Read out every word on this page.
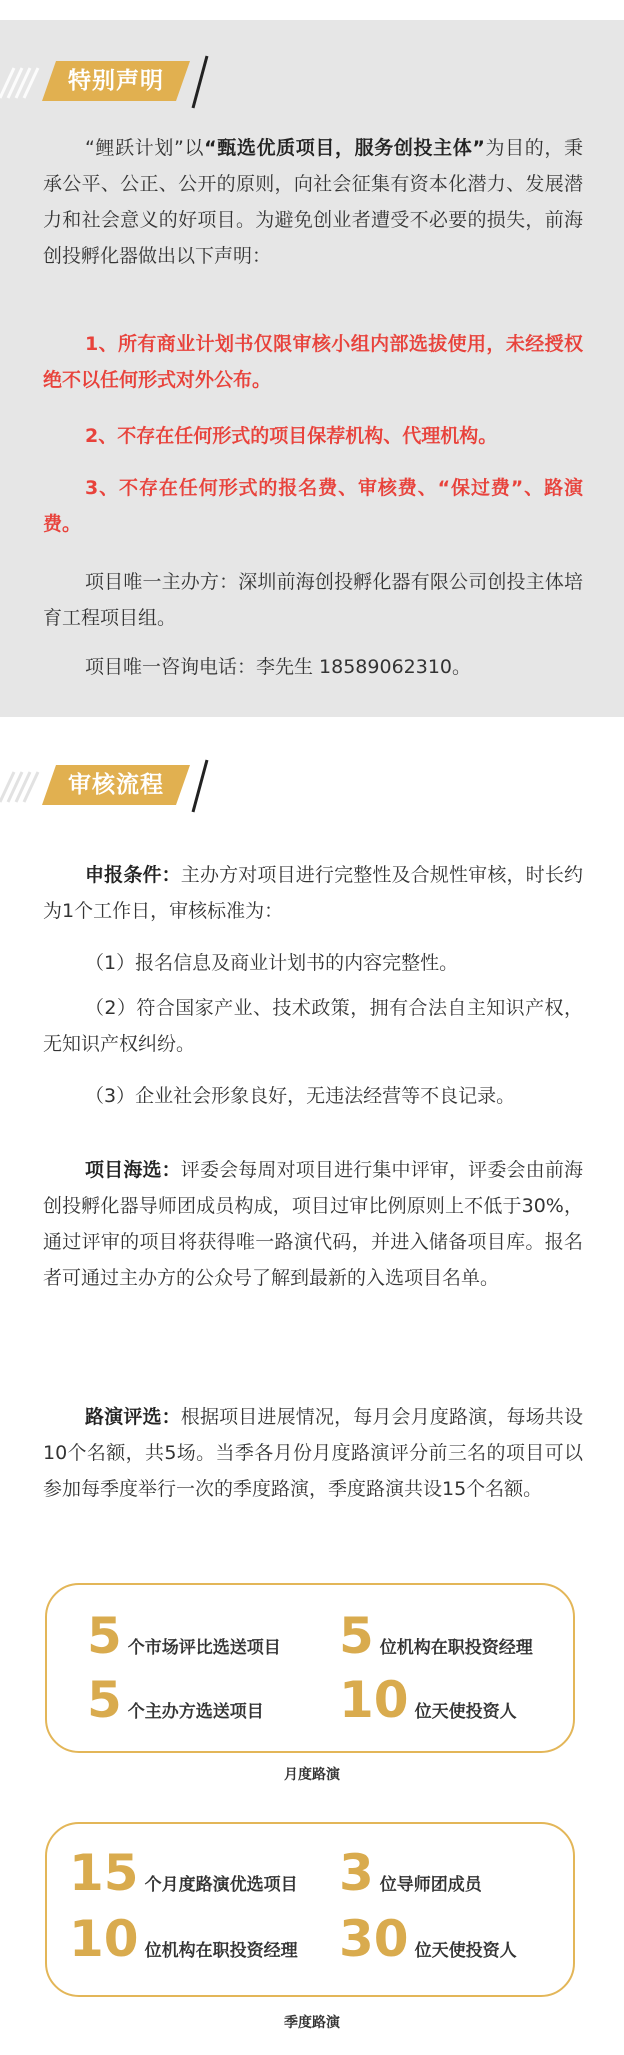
特别声明

“鲤跃计划”以“甄选优质项目，服务创投主体”为目的，秉承公平、公正、公开的原则，向社会征集有资本化潜力、发展潜力和社会意义的好项目。为避免创业者遭受不必要的损失，前海创投孵化器做出以下声明：

1、所有商业计划书仅限审核小组内部选拔使用，未经授权绝不以任何形式对外公布。

2、不存在任何形式的项目保荐机构、代理机构。

3、不存在任何形式的报名费、审核费、“保过费”、路演费。

项目唯一主办方：深圳前海创投孵化器有限公司创投主体培育工程项目组。

项目唯一咨询电话：李先生 18589062310。

审核流程

申报条件：主办方对项目进行完整性及合规性审核，时长约为1个工作日，审核标准为：

（1）报名信息及商业计划书的内容完整性。

（2）符合国家产业、技术政策，拥有合法自主知识产权，无知识产权纠纷。

（3）企业社会形象良好，无违法经营等不良记录。

项目海选：评委会每周对项目进行集中评审，评委会由前海创投孵化器导师团成员构成，项目过审比例原则上不低于30%，通过评审的项目将获得唯一路演代码，并进入储备项目库。报名者可通过主办方的公众号了解到最新的入选项目名单。

路演评选：根据项目进展情况，每月会月度路演，每场共设10个名额，共5场。当季各月份月度路演评分前三名的项目可以参加每季度举行一次的季度路演，季度路演共设15个名额。

5 个市场评比选送项目 5 位机构在职投资经理
5 个主办方选送项目 10 位天使投资人
月度路演
15 个月度路演优选项目 3 位导师团成员
10 位机构在职投资经理 30 位天使投资人
季度路演
